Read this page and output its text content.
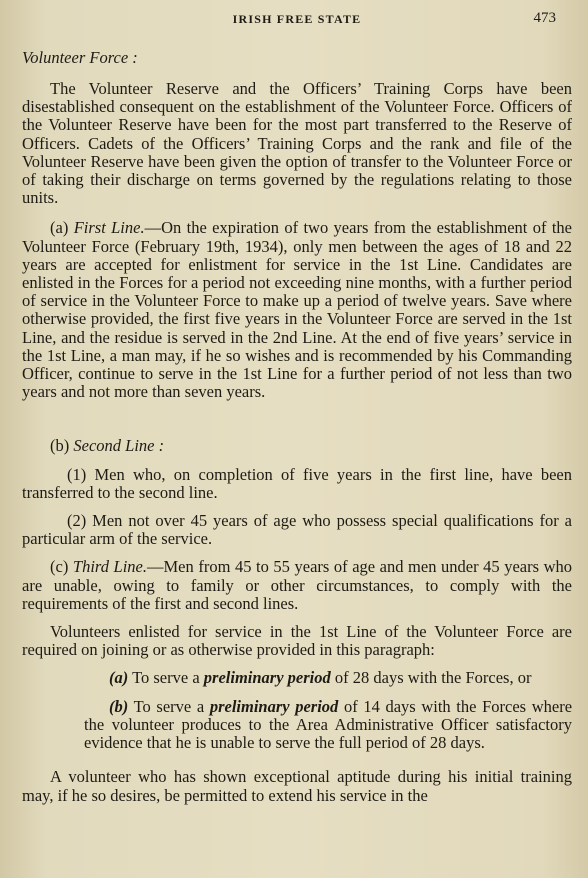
IRISH FREE STATE	473
Volunteer Force :

The Volunteer Reserve and the Officers’ Training Corps have been disestablished consequent on the establishment of the Volunteer Force. Officers of the Volunteer Reserve have been for the most part transferred to the Reserve of Officers. Cadets of the Officers’ Training Corps and the rank and file of the Volunteer Reserve have been given the option of transfer to the Volunteer Force or of taking their discharge on terms governed by the regulations relating to those units.

(a) First Line.—On the expiration of two years from the establishment of the Volunteer Force (February 19th, 1934), only men between the ages of 18 and 22 years are accepted for enlistment for service in the 1st Line. Candidates are enlisted in the Forces for a period not exceeding nine months, with a further period of service in the Volunteer Force to make up a period of twelve years. Save where otherwise provided, the first five years in the Volunteer Force are served in the 1st Line, and the residue is served in the 2nd Line. At the end of five years’ service in the 1st Line, a man may, if he so wishes and is recommended by his Commanding Officer, continue to serve in the 1st Line for a further period of not less than two years and not more than seven years.

(b) Second Line :

(1) Men who, on completion of five years in the first line, have been transferred to the second line.

(2) Men not over 45 years of age who possess special qualifications for a particular arm of the service.

(c) Third Line.—Men from 45 to 55 years of age and men under 45 years who are unable, owing to family or other circumstances, to comply with the requirements of the first and second lines.

Volunteers enlisted for service in the 1st Line of the Volunteer Force are required on joining or as otherwise provided in this paragraph:

(a) To serve a preliminary period of 28 days with the Forces, or

(b) To serve a preliminary period of 14 days with the Forces where the volunteer produces to the Area Administrative Officer satisfactory evidence that he is unable to serve the full period of 28 days.

A volunteer who has shown exceptional aptitude during his initial training may, if he so desires, be permitted to extend his service in the
